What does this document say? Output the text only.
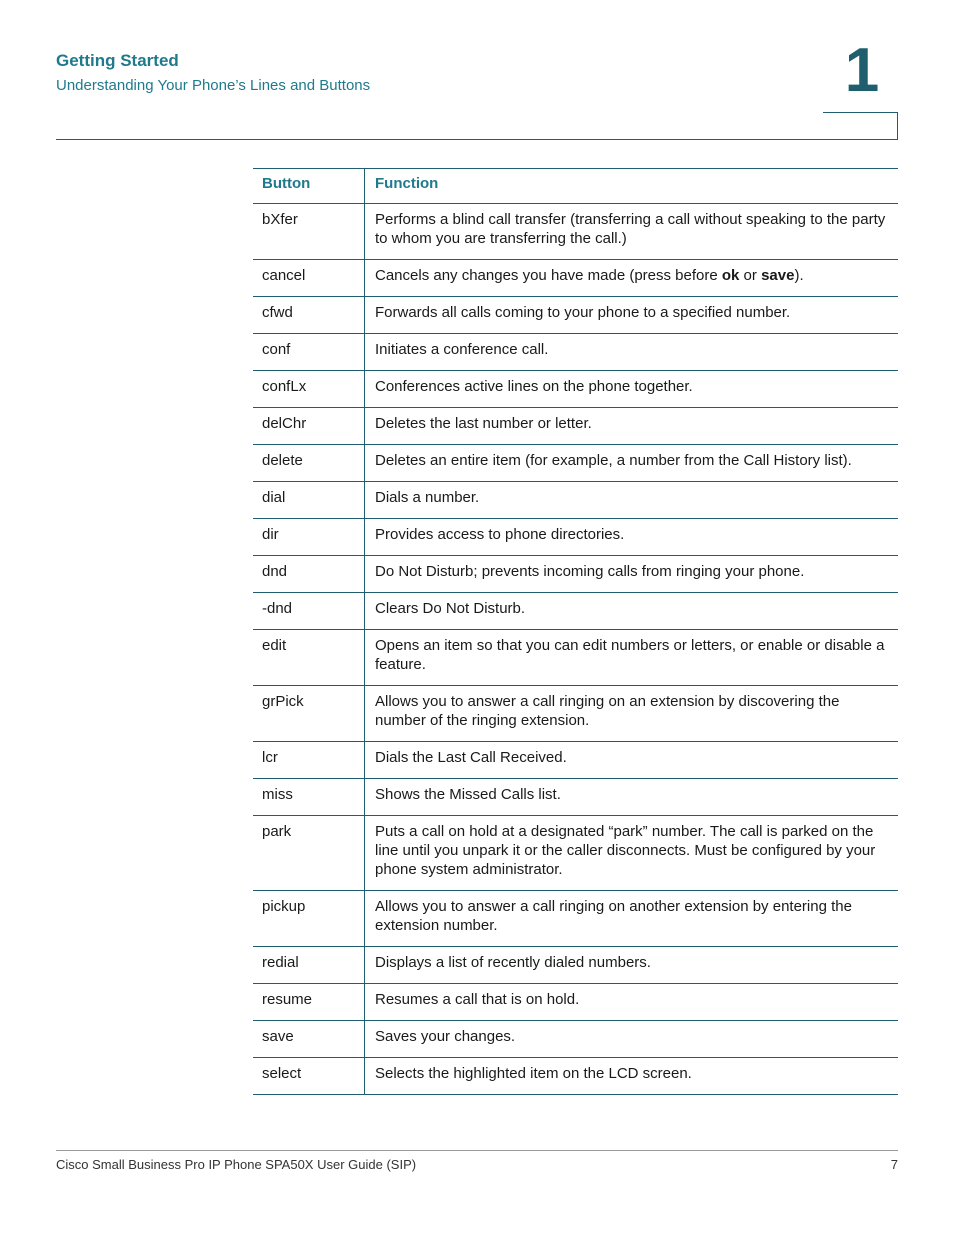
Getting Started
Understanding Your Phone’s Lines and Buttons	1
Button	Function
bXfer	Performs a blind call transfer (transferring a call without speaking to the party to whom you are transferring the call.)
cancel	Cancels any changes you have made (press before ok or save).
cfwd	Forwards all calls coming to your phone to a specified number.
conf	Initiates a conference call.
confLx	Conferences active lines on the phone together.
delChr	Deletes the last number or letter.
delete	Deletes an entire item (for example, a number from the Call History list).
dial	Dials a number.
dir	Provides access to phone directories.
dnd	Do Not Disturb; prevents incoming calls from ringing your phone.
-dnd	Clears Do Not Disturb.
edit	Opens an item so that you can edit numbers or letters, or enable or disable a feature.
grPick	Allows you to answer a call ringing on an extension by discovering the number of the ringing extension.
lcr	Dials the Last Call Received.
miss	Shows the Missed Calls list.
park	Puts a call on hold at a designated “park” number. The call is parked on the line until you unpark it or the caller disconnects. Must be configured by your phone system administrator.
pickup	Allows you to answer a call ringing on another extension by entering the extension number.
redial	Displays a list of recently dialed numbers.
resume	Resumes a call that is on hold.
save	Saves your changes.
select	Selects the highlighted item on the LCD screen.
Cisco Small Business Pro IP Phone SPA50X User Guide (SIP)	7
